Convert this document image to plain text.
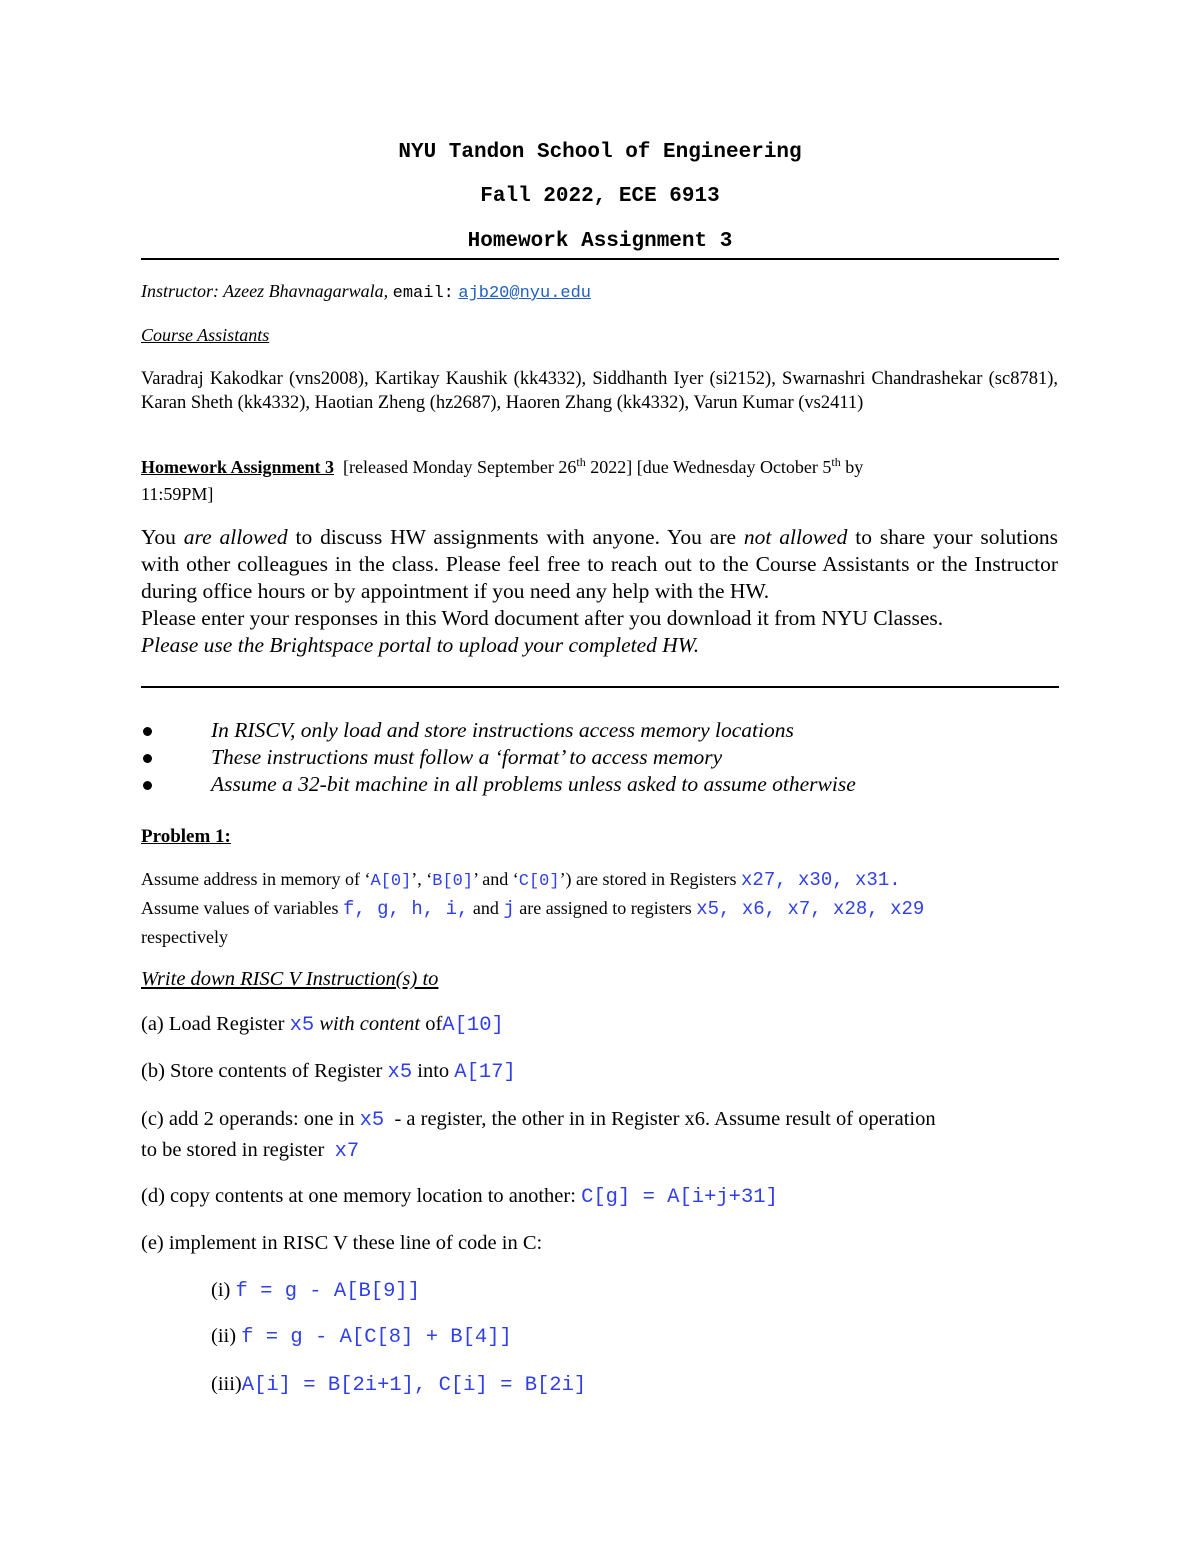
NYU Tandon School of Engineering
Fall 2022, ECE 6913
Homework Assignment 3
Instructor: Azeez Bhavnagarwala, email: ajb20@nyu.edu
Course Assistants
Varadraj Kakodkar (vns2008), Kartikay Kaushik (kk4332), Siddhanth Iyer (si2152), Swarnashri Chandrashekar (sc8781), Karan Sheth (kk4332), Haotian Zheng (hz2687), Haoren Zhang (kk4332), Varun Kumar (vs2411)
Homework Assignment 3 [released Monday September 26th 2022] [due Wednesday October 5th by
11:59PM]
You are allowed to discuss HW assignments with anyone. You are not allowed to share your solutions with other colleagues in the class. Please feel free to reach out to the Course Assistants or the Instructor during office hours or by appointment if you need any help with the HW.
Please enter your responses in this Word document after you download it from NYU Classes.
Please use the Brightspace portal to upload your completed HW.
In RISCV, only load and store instructions access memory locations
These instructions must follow a ‘format’ to access memory
Assume a 32-bit machine in all problems unless asked to assume otherwise
Problem 1:
Assume address in memory of ‘A[0]’, ‘B[0]’ and ‘C[0]’) are stored in Registers x27, x30, x31.
Assume values of variables f, g, h, i, and j are assigned to registers x5, x6, x7, x28, x29
respectively
Write down RISC V Instruction(s) to
(a) Load Register x5 with content ofA[10]
(b) Store contents of Register x5 into A[17]
(c) add 2 operands: one in x5 - a register, the other in in Register x6. Assume result of operation
to be stored in register x7
(d) copy contents at one memory location to another: C[g] = A[i+j+31]
(e) implement in RISC V these line of code in C:
(i) f = g - A[B[9]]
(ii) f = g - A[C[8] + B[4]]
(iii)A[i] = B[2i+1], C[i] = B[2i]
